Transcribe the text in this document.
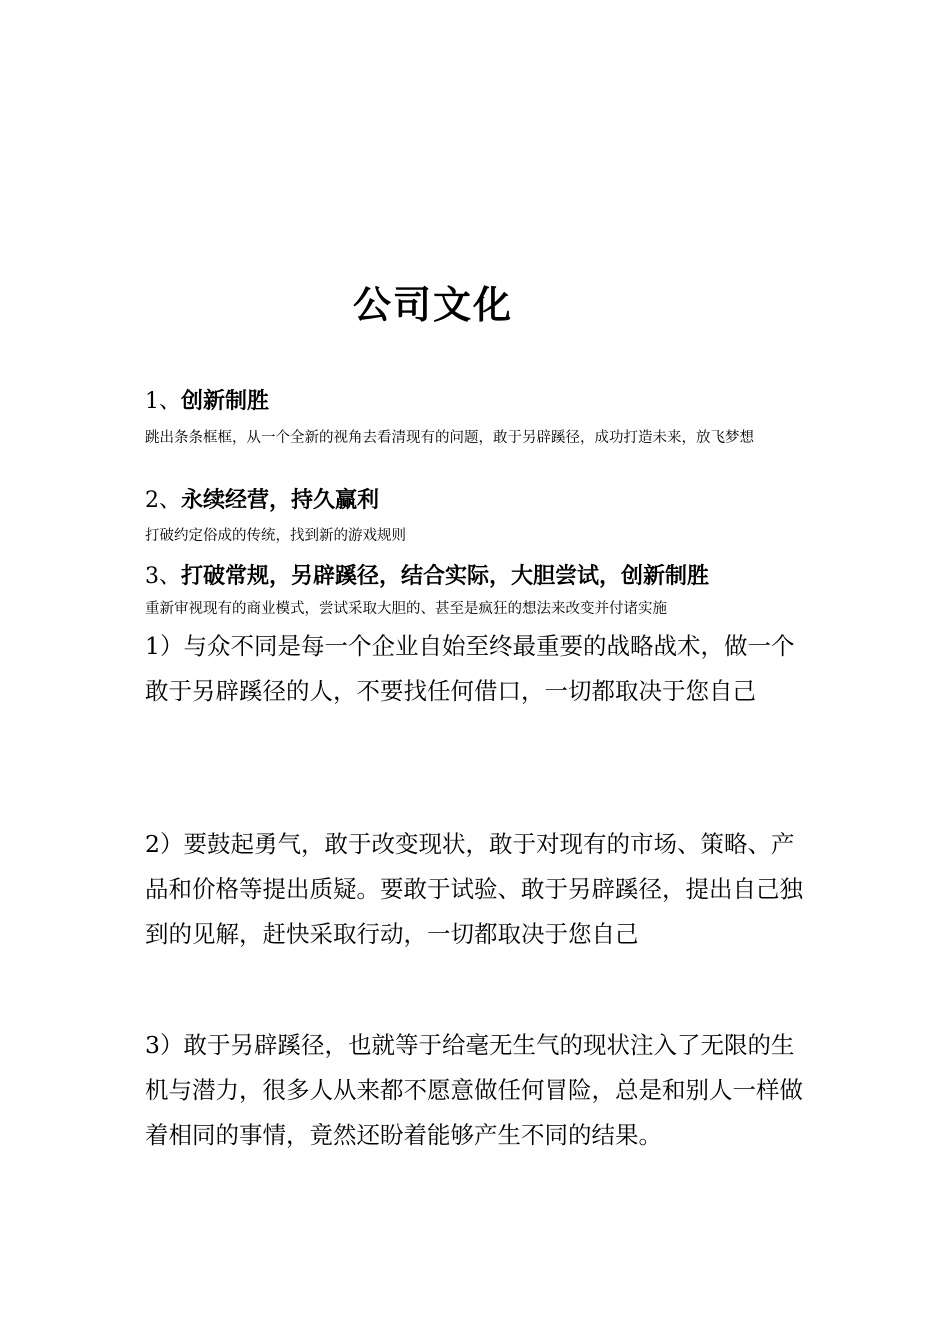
公司文化
1、创新制胜
跳出条条框框，从一个全新的视角去看清现有的问题，敢于另辟蹊径，成功打造未来，放飞梦想
2、永续经营，持久赢利
打破约定俗成的传统，找到新的游戏规则
3、打破常规，另辟蹊径，结合实际，大胆尝试，创新制胜
重新审视现有的商业模式，尝试采取大胆的、甚至是疯狂的想法来改变并付诸实施
1）与众不同是每一个企业自始至终最重要的战略战术，做一个敢于另辟蹊径的人，不要找任何借口，一切都取决于您自己
2）要鼓起勇气，敢于改变现状，敢于对现有的市场、策略、产品和价格等提出质疑。要敢于试验、敢于另辟蹊径，提出自己独到的见解，赶快采取行动，一切都取决于您自己
3）敢于另辟蹊径，也就等于给毫无生气的现状注入了无限的生机与潜力，很多人从来都不愿意做任何冒险，总是和别人一样做着相同的事情，竟然还盼着能够产生不同的结果。
